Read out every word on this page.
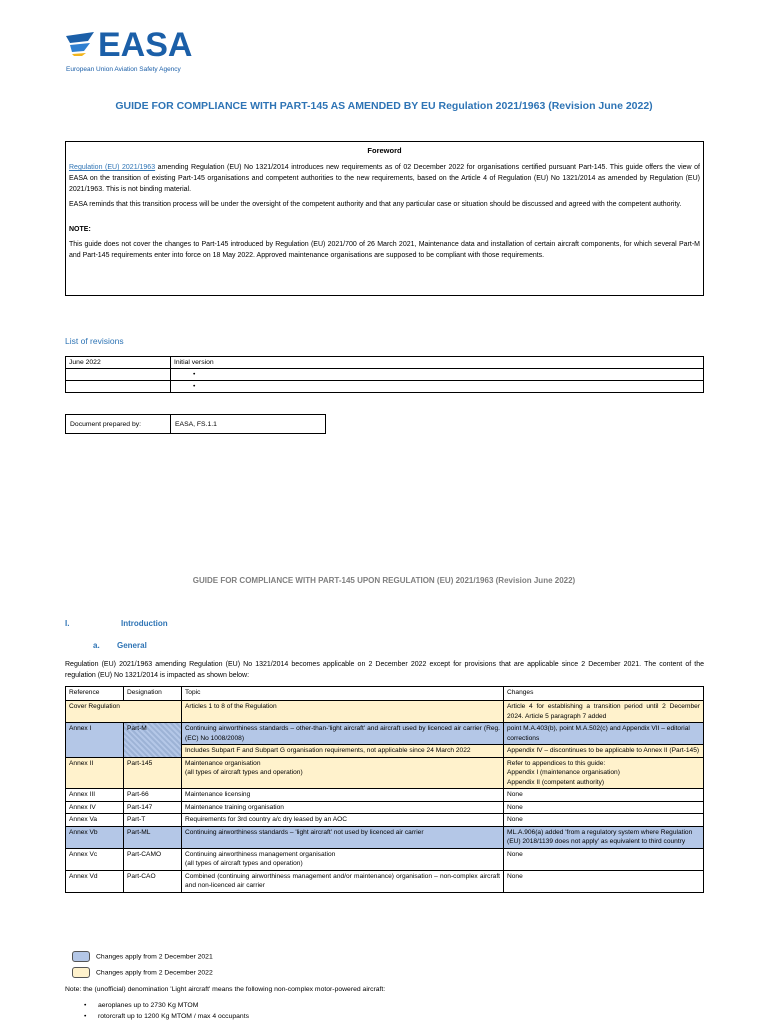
EASA
European Union Aviation Safety Agency
GUIDE FOR COMPLIANCE WITH PART-145 AS AMENDED BY EU Regulation 2021/1963 (Revision June 2022)
Foreword

Regulation (EU) 2021/1963 amending Regulation (EU) No 1321/2014 introduces new requirements as of 02 December 2022 for organisations certified pursuant Part-145. This guide offers the view of EASA on the transition of existing Part-145 organisations and competent authorities to the new requirements, based on the Article 4 of Regulation (EU) No 1321/2014 as amended by Regulation (EU) 2021/1963. This is not binding material.

EASA reminds that this transition process will be under the oversight of the competent authority and that any particular case or situation should be discussed and agreed with the competent authority.

NOTE:

This guide does not cover the changes to Part-145 introduced by Regulation (EU) 2021/700 of 26 March 2021, Maintenance data and installation of certain aircraft components, for which several Part-M and Part-145 requirements enter into force on 18 May 2022. Approved maintenance organisations are supposed to be compliant with those requirements.

List of revisions
June 2022	Initial version
	•
	•
Document prepared by:	EASA, FS.1.1
GUIDE FOR COMPLIANCE WITH PART-145 UPON REGULATION (EU) 2021/1963 (Revision June 2022)
I.	Introduction
a. General
Regulation (EU) 2021/1963 amending Regulation (EU) No 1321/2014 becomes applicable on 2 December 2022 except for provisions that are applicable since 2 December 2021. The content of the regulation (EU) No 1321/2014 is impacted as shown below:
Reference	Designation	Topic	Changes
Cover Regulation		Articles 1 to 8 of the Regulation	Article 4 for establishing a transition period until 2 December 2024. Article 5 paragraph 7 added
Annex I	Part-M	Continuing airworthiness standards – other-than-'light aircraft' and aircraft used by licenced air carrier (Reg. (EC) No 1008/2008)	point M.A.403(b), point M.A.502(c) and Appendix VII – editorial corrections
		Includes Subpart F and Subpart G organisation requirements, not applicable since 24 March 2022	Appendix IV – discontinues to be applicable to Annex II (Part-145)
Annex II	Part-145	Maintenance organisation
(all types of aircraft types and operation)	Refer to appendices to this guide:
Appendix I (maintenance organisation)
Appendix II (competent authority)
Annex III	Part-66	Maintenance licensing	None
Annex IV	Part-147	Maintenance training organisation	None
Annex Va	Part-T	Requirements for 3rd country a/c dry leased by an AOC	None
Annex Vb	Part-ML	Continuing airworthiness standards – 'light aircraft' not used by licenced air carrier	ML.A.906(a) added 'from a regulatory system where Regulation (EU) 2018/1139 does not apply' as equivalent to third country
Annex Vc	Part-CAMO	Continuing airworthiness management organisation
(all types of aircraft types and operation)	None
Annex Vd	Part-CAO	Combined (continuing airworthiness management and/or maintenance) organisation – non-complex aircraft and non-licenced air carrier	None
Changes apply from 2 December 2021
Changes apply from 2 December 2022
Note: the (unofficial) denomination 'Light aircraft' means the following non-complex motor-powered aircraft:
• aeroplanes up to 2730 Kg MTOM
• rotorcraft up to 1200 Kg MTOM / max 4 occupants
